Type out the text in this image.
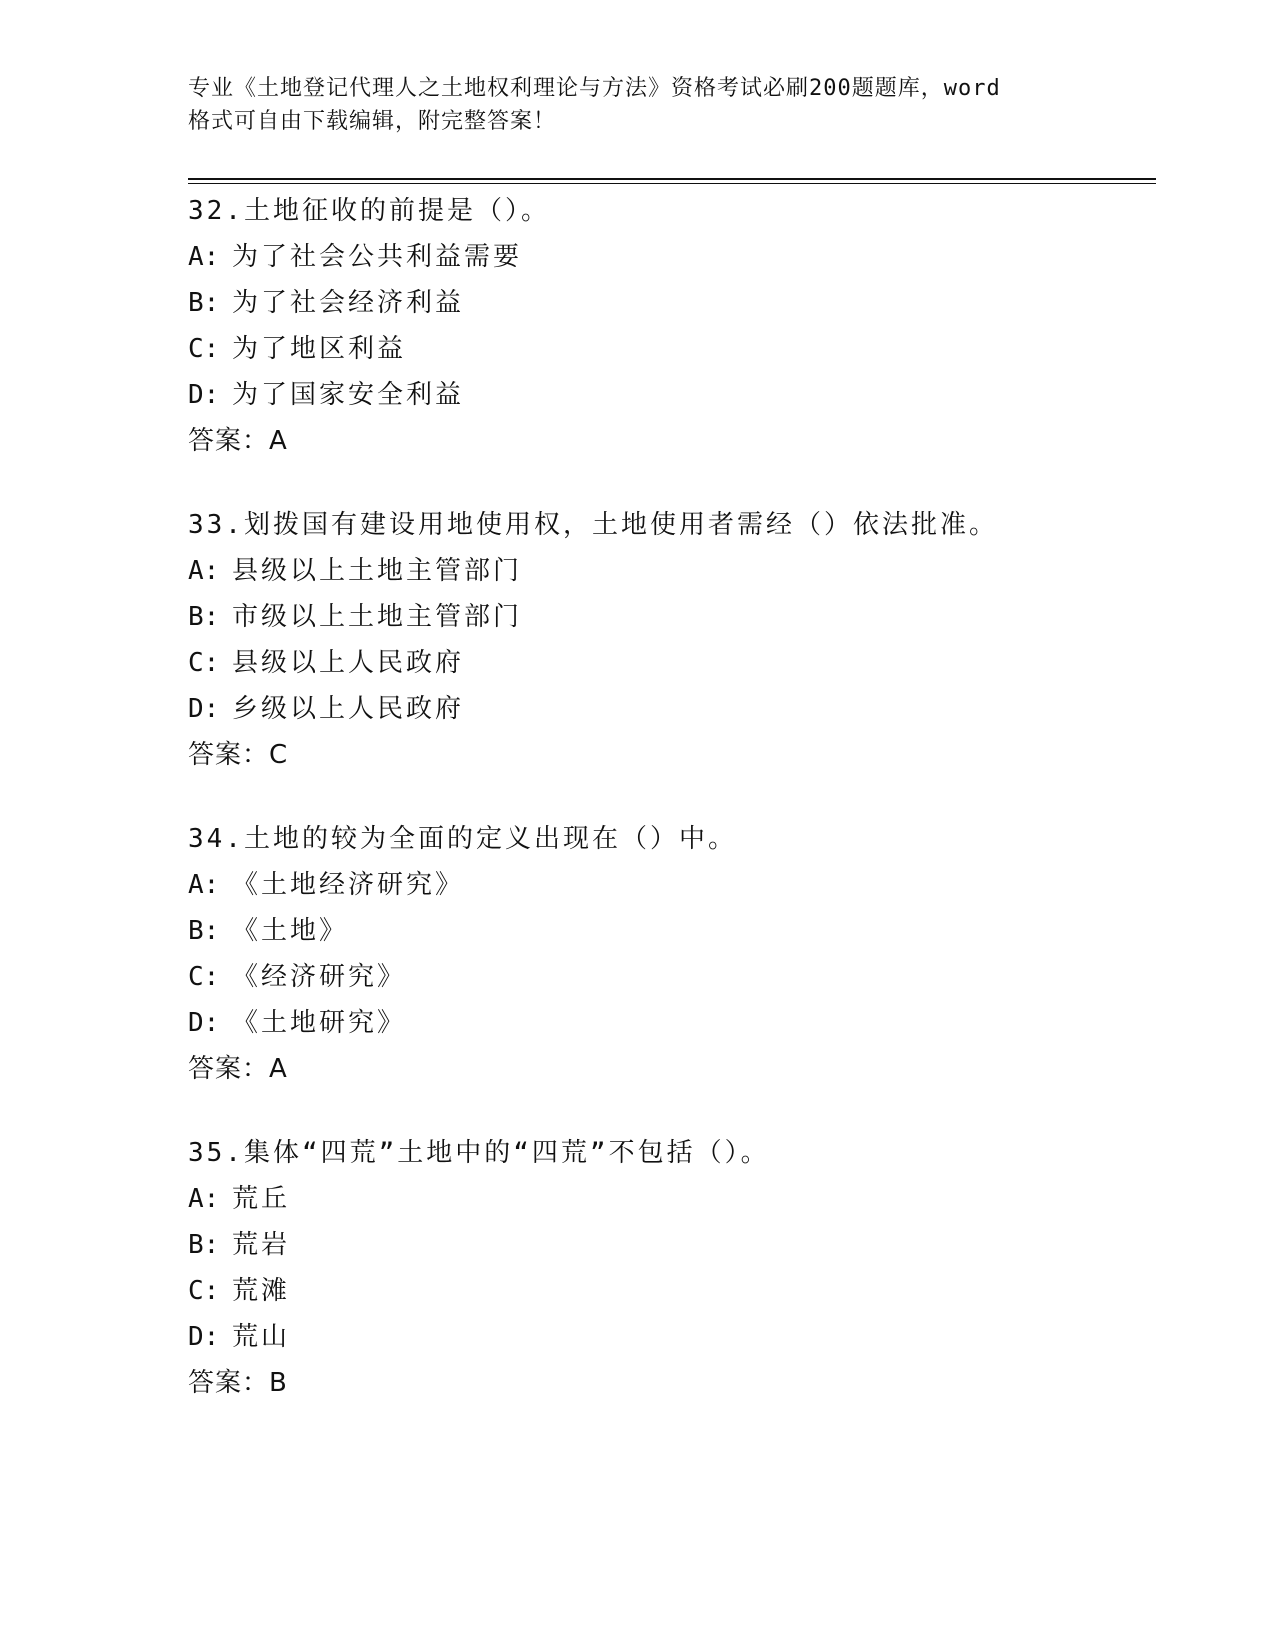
专业《土地登记代理人之土地权利理论与方法》资格考试必刷200题题库，word
格式可自由下载编辑，附完整答案！
32.土地征收的前提是（）。
A: 为了社会公共利益需要
B: 为了社会经济利益
C: 为了地区利益
D: 为了国家安全利益
答案：A
33.划拨国有建设用地使用权，土地使用者需经（）依法批准。
A: 县级以上土地主管部门
B: 市级以上土地主管部门
C: 县级以上人民政府
D: 乡级以上人民政府
答案：C
34.土地的较为全面的定义出现在（）中。
A: 《土地经济研究》
B: 《土地》
C: 《经济研究》
D: 《土地研究》
答案：A
35.集体“四荒”土地中的“四荒”不包括（）。
A: 荒丘
B: 荒岩
C: 荒滩
D: 荒山
答案：B
